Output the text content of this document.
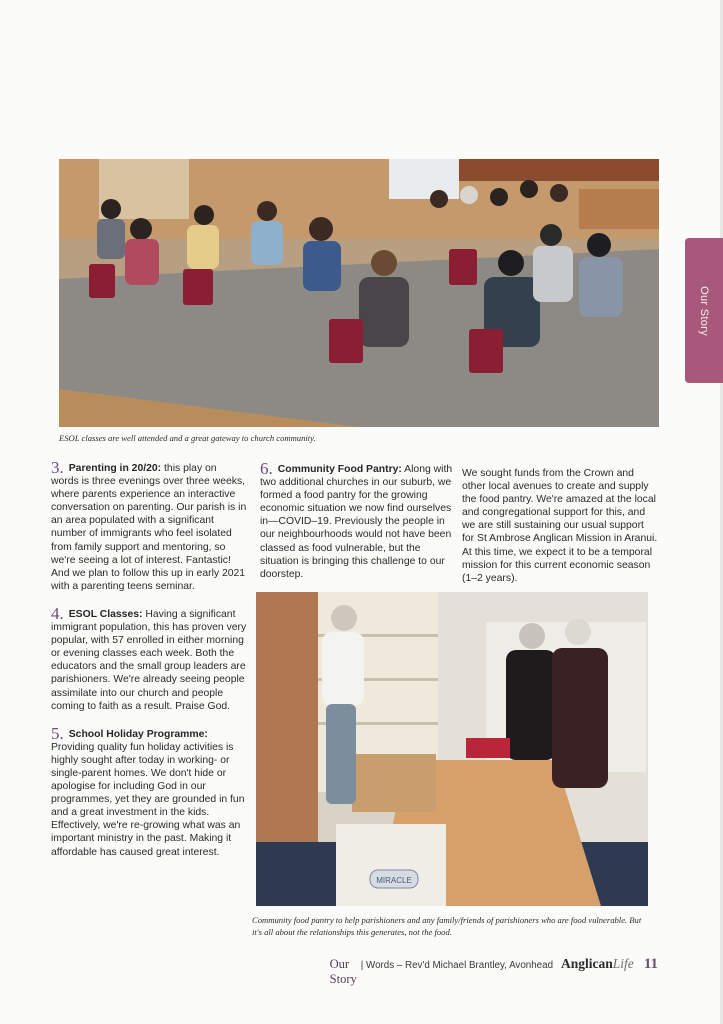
ESOL classes are well attended and a great gateway to church community.

3. Parenting in 20/20: this play on words is three evenings over three weeks, where parents experience an interactive conversation on parenting. Our parish is in an area populated with a significant number of immigrants who feel isolated from family support and mentoring, so we're seeing a lot of interest. Fantastic! And we plan to follow this up in early 2021 with a parenting teens seminar.

4. ESOL Classes: Having a significant immigrant population, this has proven very popular, with 57 enrolled in either morning or evening classes each week. Both the educators and the small group leaders are parishioners. We're already seeing people assimilate into our church and people coming to faith as a result. Praise God.

5. School Holiday Programme: Providing quality fun holiday activities is highly sought after today in working- or single-parent homes. We don't hide or apologise for including God in our programmes, yet they are grounded in fun and a great investment in the kids. Effectively, we're re-growing what was an important ministry in the past. Making it affordable has caused great interest.

6. Community Food Pantry: Along with two additional churches in our suburb, we formed a food pantry for the growing economic situation we now find ourselves in—COVID–19. Previously the people in our neighbourhoods would not have been classed as food vulnerable, but the situation is bringing this challenge to our doorstep.

We sought funds from the Crown and other local avenues to create and supply the food pantry. We're amazed at the local and congregational support for this, and we are still sustaining our usual support for St Ambrose Anglican Mission in Aranui. At this time, we expect it to be a temporal mission for this current economic season (1–2 years).

MIRACLE
Community food pantry to help parishioners and any family/friends of parishioners who are food vulnerable. But it's all about the relationships this generates, not the food.
Our Story
Our Story
| Words – Rev'd Michael Brantley, Avonhead AnglicanLife 11
